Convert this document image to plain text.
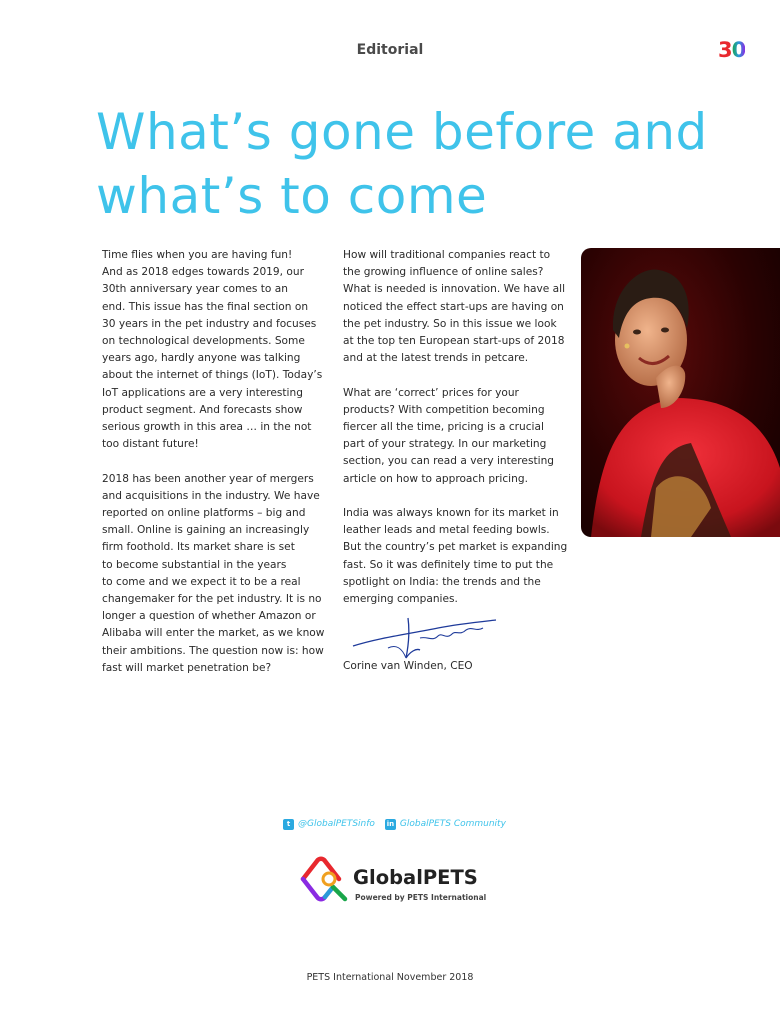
Editorial	30
What’s gone before and what’s to come

Time flies when you are having fun!
And as 2018 edges towards 2019, our
30th anniversary year comes to an
end. This issue has the final section on
30 years in the pet industry and focuses
on technological developments. Some
years ago, hardly anyone was talking
about the internet of things (IoT). Today’s
IoT applications are a very interesting
product segment. And forecasts show
serious growth in this area … in the not
too distant future!

2018 has been another year of mergers
and acquisitions in the industry. We have
reported on online platforms – big and
small. Online is gaining an increasingly
firm foothold. Its market share is set
to become substantial in the years
to come and we expect it to be a real
changemaker for the pet industry. It is no
longer a question of whether Amazon or
Alibaba will enter the market, as we know
their ambitions. The question now is: how
fast will market penetration be?

How will traditional companies react to
the growing influence of online sales?
What is needed is innovation. We have all
noticed the effect start-ups are having on
the pet industry. So in this issue we look
at the top ten European start-ups of 2018
and at the latest trends in petcare.

What are ‘correct’ prices for your
products? With competition becoming
fiercer all the time, pricing is a crucial
part of your strategy. In our marketing
section, you can read a very interesting
article on how to approach pricing.

India was always known for its market in
leather leads and metal feeding bowls.
But the country’s pet market is expanding
fast. So it was definitely time to put the
spotlight on India: the trends and the
emerging companies.

Corine van Winden, CEO
t @GlobalPETSinfo in GlobalPETS Community
GlobalPETS
Powered by PETS International
PETS International November 2018
